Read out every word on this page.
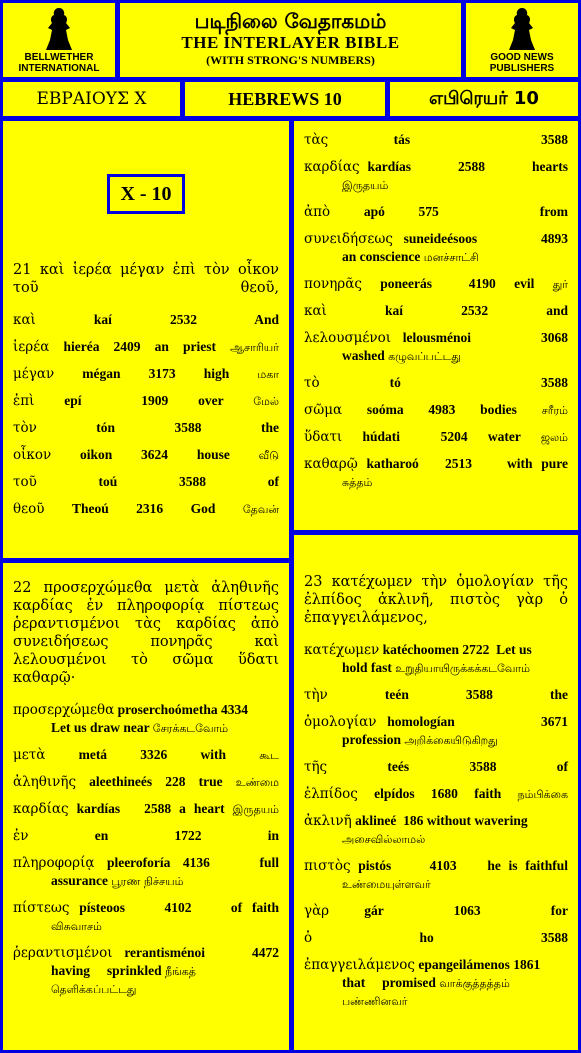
BELLWETHER INTERNATIONAL
படிநிலை வேதாகமம்
THE INTERLAYER BIBLE
(WITH STRONG'S NUMBERS)	GOOD NEWS PUBLISHERS
ΕΒΡΑΙΟΥΣ Χ	HEBREWS 10	எபிரெயர் 10
X - 10
21 καὶ ἱερέα μέγαν ἐπὶ τὸν οἶκον τοῦ θεοῦ,
καὶ	kaí 2532 And
ἱερέα hieréa 2409 an priest ஆசாரியர்
μέγαν mégan 3173 high	மகா
ἐπὶ epí  1909 over	மேல்
τὸν	tón 3588 the
οἶκον oikon 3624 house	வீடு
τοῦ	toú 3588 of
θεοῦ Theoú 2316 God தேவன்
22 προσερχώμεθα μετὰ ἀληθινῆς καρδίας ἐν πληροφορίᾳ πίστεως ῥεραντισμένοι τὰς καρδίας ἀπὸ συνειδήσεως πονηρᾶς καὶ λελουσμένοι τὸ σῶμα ὕδατι καθαρῷ·
προσερχώμεθα proserchoómetha 4334
Let us draw near சேரக்கடவோம்
μετὰ metá 3326 with	கூட
ἀληθινῆς aleethineés 228 true உண்மை
καρδίας kardías   2588 a heart இருதயம்
ἐν	en 1722 in
πληροφορίᾳ pleeroforía 4136    full
assurance பூரண நிச்சயம்
πίστεως písteoos    4102    of faith
விசுவாசம்
ῥεραντισμένοι rerantisménoi    4472
having     sprinkled நீங்கத் தெளிக்கப்பட்டது
τὰς	tás  3588
καρδίας kardías      2588      hearts
இருதயம்
ἀπὸ apó 575   from
συνειδήσεως suneideésoos      4893
an conscience மனச்சாட்சி
πονηρᾶς poneerás  4190 evil துர்
καὶ	kaí 2532 and
λελουσμένοι lelousménoi      3068
washed கழுவப்பட்டது
τὸ	tó  3588
σῶμα soóma 4983 bodies சரீரம்
ὕδατι húdati  5204 water ஜலம்
καθαρῷ katharoó   2513    with pure
சுத்தம்
23 κατέχωμεν τὴν ὁμολογίαν τῆς ἐλπίδος ἀκλινῆ, πιστὸς γὰρ ὁ ἐπαγγειλάμενος,
κατέχωμεν katéchoomen 2722  Let us
hold fast உறுதியாயிருக்கக்கடவோம்
τὴν	teén 3588 the
ὁμολογίαν homologían        3671
profession அறிக்கையிடுகிறது
τῆς	teés 3588 of
ἐλπίδος elpídos 1680 faith நம்பிக்கை
ἀκλινῆ aklineé  186 without wavering
அசைவில்லாமல்
πιστὸς pistós     4103    he is faithful
உண்மையுள்ளவர்
γὰρ	gár  1063  for
ὁ	ho 3588
ἐπαγγειλάμενος epangeilámenos 1861
that     promised வாக்குத்தத்தம் பண்ணினவர்
